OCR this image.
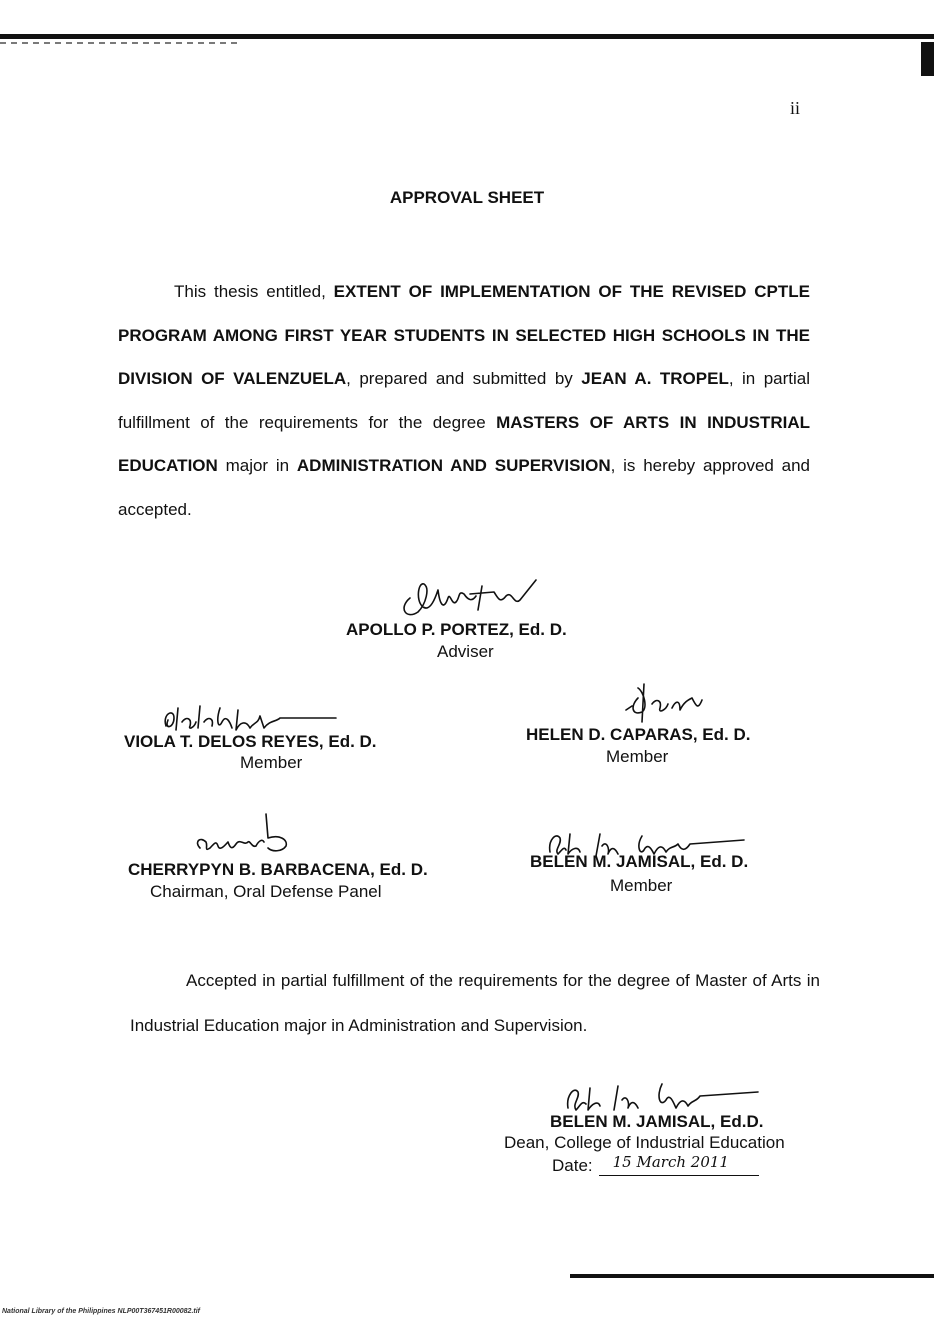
ii
APPROVAL SHEET
This thesis entitled, EXTENT OF IMPLEMENTATION OF THE REVISED CPTLE PROGRAM AMONG FIRST YEAR STUDENTS IN SELECTED HIGH SCHOOLS IN THE DIVISION OF VALENZUELA, prepared and submitted by JEAN A. TROPEL, in partial fulfillment of the requirements for the degree MASTERS OF ARTS IN INDUSTRIAL EDUCATION major in ADMINISTRATION AND SUPERVISION, is hereby approved and accepted.
APOLLO P. PORTEZ, Ed. D.
Adviser
VIOLA T. DELOS REYES, Ed. D.
Member
HELEN D. CAPARAS, Ed. D.
Member
CHERRYPYN B. BARBACENA, Ed. D.
Chairman, Oral Defense Panel
BELEN M. JAMISAL, Ed. D.
Member
Accepted in partial fulfillment of the requirements for the degree of Master of Arts in Industrial Education major in Administration and Supervision.
BELEN M. JAMISAL, Ed.D.
Dean, College of Industrial Education
Date: 15 March 2011
National Library of the Philippines NLP00T367451R00082.tif
